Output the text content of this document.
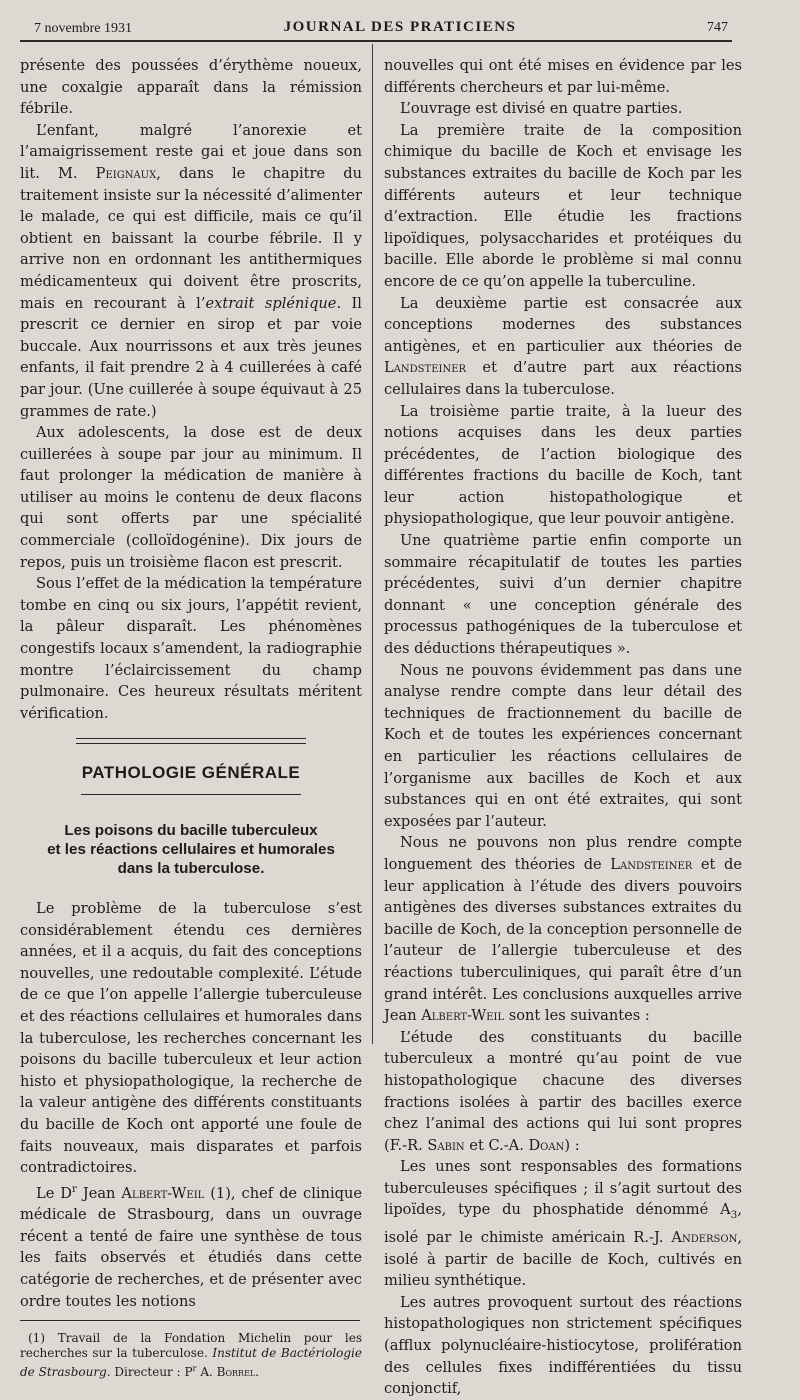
7 novembre 1931	JOURNAL DES PRATICIENS	747

présente des poussées d’érythème noueux, une coxalgie apparaît dans la rémission fébrile.

L’enfant, malgré l’anorexie et l’amaigrissement reste gai et joue dans son lit. M. Peignaux, dans le chapitre du traitement insiste sur la nécessité d’alimenter le malade, ce qui est difficile, mais ce qu’il obtient en baissant la courbe fébrile. Il y arrive non en ordonnant les antithermiques médicamenteux qui doivent être proscrits, mais en recourant à l’extrait splénique. Il prescrit ce dernier en sirop et par voie buccale. Aux nourrissons et aux très jeunes enfants, il fait prendre 2 à 4 cuillerées à café par jour. (Une cuillerée à soupe équivaut à 25 grammes de rate.)

Aux adolescents, la dose est de deux cuillerées à soupe par jour au minimum. Il faut prolonger la médication de manière à utiliser au moins le contenu de deux flacons qui sont offerts par une spécialité commerciale (colloïdogénine). Dix jours de repos, puis un troisième flacon est prescrit.

Sous l’effet de la médication la température tombe en cinq ou six jours, l’appétit revient, la pâleur disparaît. Les phénomènes congestifs locaux s’amendent, la radiographie montre l’éclaircissement du champ pulmonaire. Ces heureux résultats méritent vérification.

PATHOLOGIE GÉNÉRALE
Les poisons du bacille tuberculeux
et les réactions cellulaires et humorales
dans la tuberculose.

Le problème de la tuberculose s’est considérablement étendu ces dernières années, et il a acquis, du fait des conceptions nouvelles, une redoutable complexité. L’étude de ce que l’on appelle l’allergie tuberculeuse et des réactions cellulaires et humorales dans la tuberculose, les recherches concernant les poisons du bacille tuberculeux et leur action histo et physiopathologique, la recherche de la valeur antigène des différents constituants du bacille de Koch ont apporté une foule de faits nouveaux, mais disparates et parfois contradictoires.

Le $D^r$ Jean Albert-Weil (1), chef de clinique médicale de Strasbourg, dans un ouvrage récent a tenté de faire une synthèse de tous les faits observés et étudiés dans cette catégorie de recherches, et de présenter avec ordre toutes les notions

(1) Travail de la Fondation Michelin pour les recherches sur la tuberculose. Institut de Bactériologie de Strasbourg. Directeur : $P^r$ A. Borrel.

nouvelles qui ont été mises en évidence par les différents chercheurs et par lui-même.

L’ouvrage est divisé en quatre parties.

La première traite de la composition chimique du bacille de Koch et envisage les substances extraites du bacille de Koch par les différents auteurs et leur technique d’extraction. Elle étudie les fractions lipoïdiques, polysaccharides et protéiques du bacille. Elle aborde le problème si mal connu encore de ce qu’on appelle la tuberculine.

La deuxième partie est consacrée aux conceptions modernes des substances antigènes, et en particulier aux théories de Landsteiner et d’autre part aux réactions cellulaires dans la tuberculose.

La troisième partie traite, à la lueur des notions acquises dans les deux parties précédentes, de l’action biologique des différentes fractions du bacille de Koch, tant leur action histopathologique et physiopathologique, que leur pouvoir antigène.

Une quatrième partie enfin comporte un sommaire récapitulatif de toutes les parties précédentes, suivi d’un dernier chapitre donnant « une conception générale des processus pathogéniques de la tuberculose et des déductions thérapeutiques ».

Nous ne pouvons évidemment pas dans une analyse rendre compte dans leur détail des techniques de fractionnement du bacille de Koch et de toutes les expériences concernant en particulier les réactions cellulaires de l’organisme aux bacilles de Koch et aux substances qui en ont été extraites, qui sont exposées par l’auteur.

Nous ne pouvons non plus rendre compte longuement des théories de Landsteiner et de leur application à l’étude des divers pouvoirs antigènes des diverses substances extraites du bacille de Koch, de la conception personnelle de l’auteur de l’allergie tuberculeuse et des réactions tuberculiniques, qui paraît être d’un grand intérêt. Les conclusions auxquelles arrive Jean Albert-Weil sont les suivantes :

L’étude des constituants du bacille tuberculeux a montré qu’au point de vue histopathologique chacune des diverses fractions isolées à partir des bacilles exerce chez l’animal des actions qui lui sont propres (F.-R. Sabin et C.-A. Doan) :

Les unes sont responsables des formations tuberculeuses spécifiques ; il s’agit surtout des lipoïdes, type du phosphatide dénommé $A_3$, isolé par le chimiste américain R.-J. Anderson, isolé à partir de bacille de Koch, cultivés en milieu synthétique.

Les autres provoquent surtout des réactions histopathologiques non strictement spécifiques (afflux polynucléaire-histiocytose, prolifération des cellules fixes indifférentiées du tissu conjonctif,
